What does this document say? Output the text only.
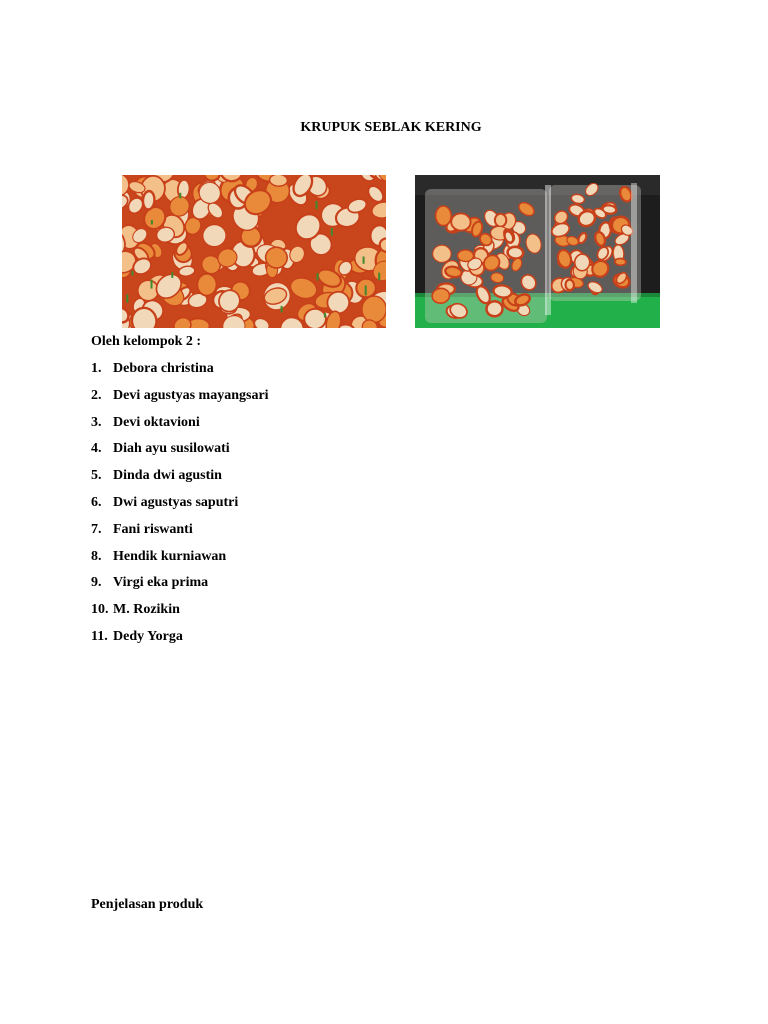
KRUPUK SEBLAK KERING
Oleh kelompok 2 :
1. Debora christina
2. Devi agustyas mayangsari
3. Devi oktavioni
4. Diah ayu susilowati
5. Dinda dwi agustin
6. Dwi agustyas saputri
7. Fani riswanti
8. Hendik kurniawan
9. Virgi eka prima
10. M. Rozikin
11. Dedy Yorga
Penjelasan produk
